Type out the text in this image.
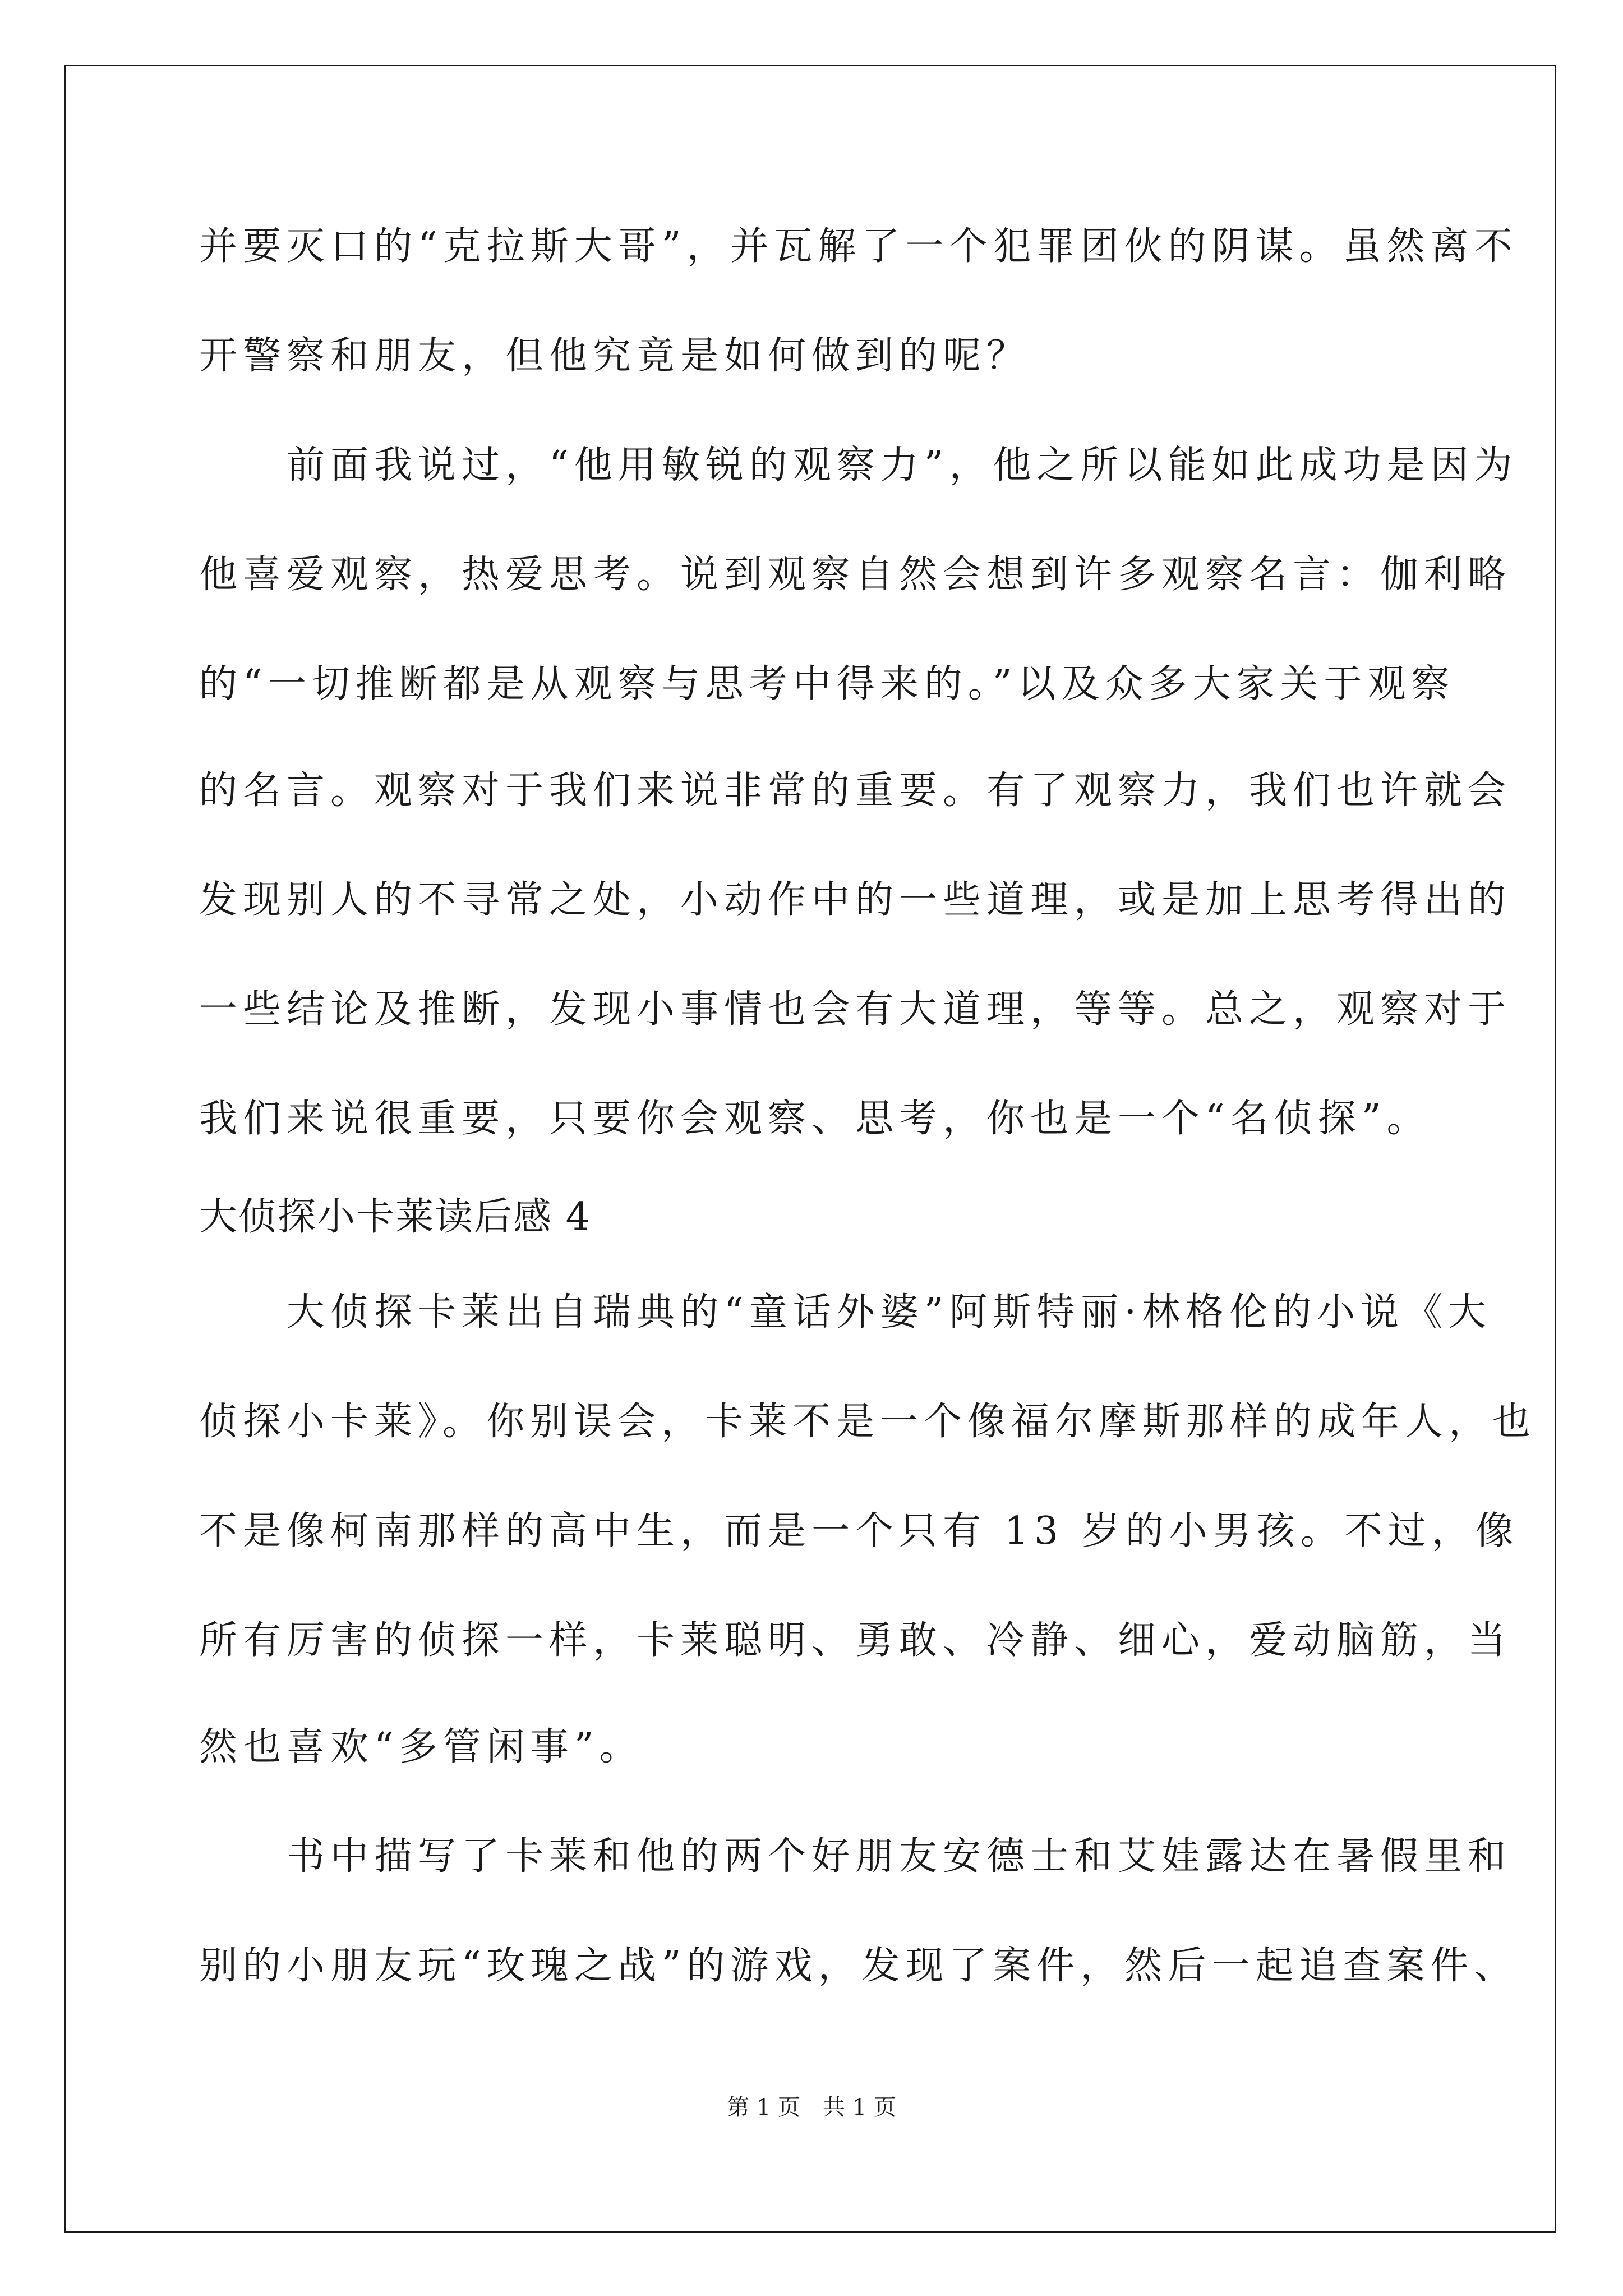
并要灭口的“克拉斯大哥”，并瓦解了一个犯罪团伙的阴谋。虽然离不
开警察和朋友，但他究竟是如何做到的呢？
　　前面我说过，“他用敏锐的观察力”，他之所以能如此成功是因为
他喜爱观察，热爱思考。说到观察自然会想到许多观察名言：伽利略
的“一切推断都是从观察与思考中得来的。”以及众多大家关于观察
的名言。观察对于我们来说非常的重要。有了观察力，我们也许就会
发现别人的不寻常之处，小动作中的一些道理，或是加上思考得出的
一些结论及推断，发现小事情也会有大道理，等等。总之，观察对于
我们来说很重要，只要你会观察、思考，你也是一个“名侦探”。
大侦探小卡莱读后感 4
　　大侦探卡莱出自瑞典的“童话外婆”阿斯特丽·林格伦的小说《大
侦探小卡莱》。你别误会，卡莱不是一个像福尔摩斯那样的成年人，也
不是像柯南那样的高中生，而是一个只有 13 岁的小男孩。不过，像
所有厉害的侦探一样，卡莱聪明、勇敢、冷静、细心，爱动脑筋，当
然也喜欢“多管闲事”。
　　书中描写了卡莱和他的两个好朋友安德士和艾娃露达在暑假里和
别的小朋友玩“玫瑰之战”的游戏，发现了案件，然后一起追查案件、
第 1 页　共 1 页
